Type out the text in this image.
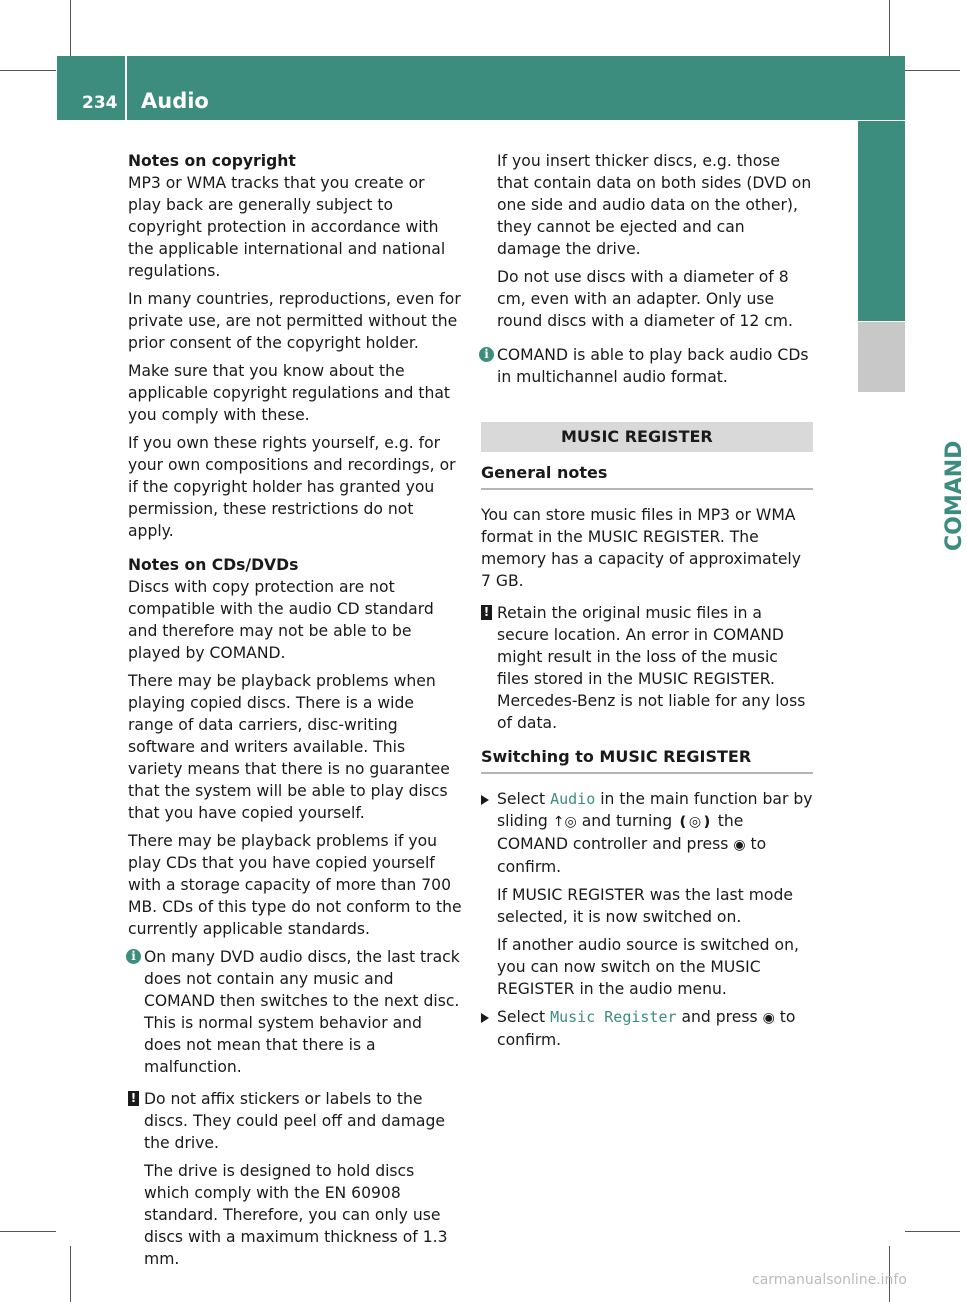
234 Audio
COMAND

Notes on copyright

MP3 or WMA tracks that you create or play back are generally subject to copyright protection in accordance with the applicable international and national regulations.

In many countries, reproductions, even for private use, are not permitted without the prior consent of the copyright holder.

Make sure that you know about the applicable copyright regulations and that you comply with these.

If you own these rights yourself, e.g. for your own compositions and recordings, or if the copyright holder has granted you permission, these restrictions do not apply.

Notes on CDs/DVDs

Discs with copy protection are not compatible with the audio CD standard and therefore may not be able to be played by COMAND.

There may be playback problems when playing copied discs. There is a wide range of data carriers, disc-writing software and writers available. This variety means that there is no guarantee that the system will be able to play discs that you have copied yourself.

There may be playback problems if you play CDs that you have copied yourself with a storage capacity of more than 700 MB. CDs of this type do not conform to the currently applicable standards.

i On many DVD audio discs, the last track does not contain any music and COMAND then switches to the next disc. This is normal system behavior and does not mean that there is a malfunction.
! Do not affix stickers or labels to the discs. They could peel off and damage the drive.

The drive is designed to hold discs which comply with the EN 60908 standard. Therefore, you can only use discs with a maximum thickness of 1.3 mm.

If you insert thicker discs, e.g. those that contain data on both sides (DVD on one side and audio data on the other), they cannot be ejected and can damage the drive.

Do not use discs with a diameter of 8 cm, even with an adapter. Only use round discs with a diameter of 12 cm.

i COMAND is able to play back audio CDs in multichannel audio format.
MUSIC REGISTER
General notes

You can store music files in MP3 or WMA format in the MUSIC REGISTER. The memory has a capacity of approximately 7 GB.

! Retain the original music files in a secure location. An error in COMAND might result in the loss of the music files stored in the MUSIC REGISTER. Mercedes-Benz is not liable for any loss of data.
Switching to MUSIC REGISTER
Select Audio in the main function bar by sliding ↑◎ and turning ❪◎❫ the COMAND controller and press ◉ to confirm.

If MUSIC REGISTER was the last mode selected, it is now switched on.

If another audio source is switched on, you can now switch on the MUSIC REGISTER in the audio menu.

Select Music Register and press ◉ to confirm.
carmanualsonline.info
